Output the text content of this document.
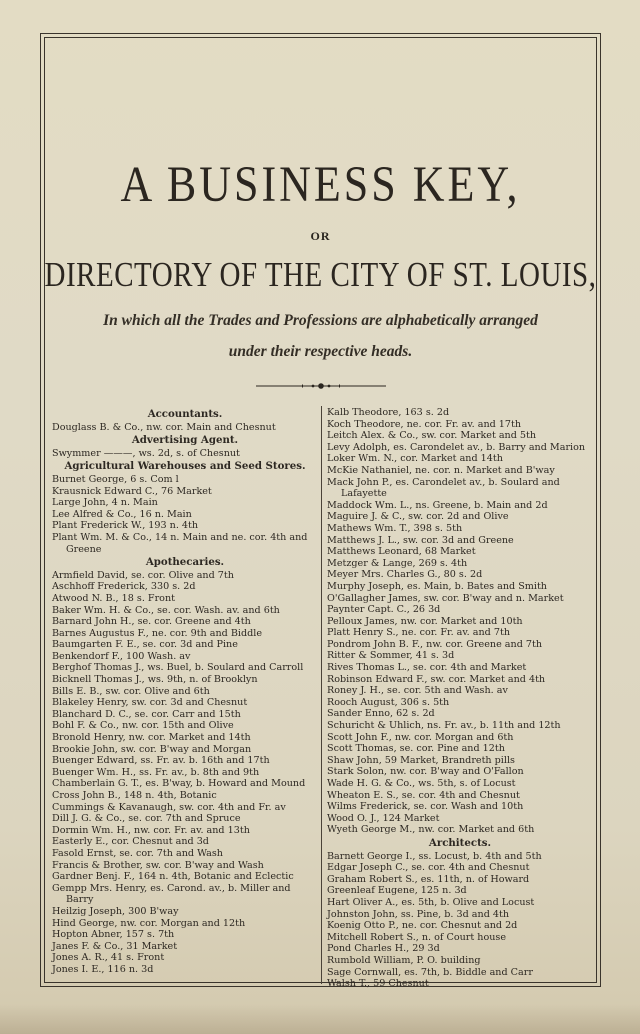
A BUSINESS KEY,
OR
DIRECTORY OF THE CITY OF ST. LOUIS,
In which all the Trades and Professions are alphabetically arranged
under their respective heads.
Accountants.
Douglass B. & Co., nw. cor. Main and Chesnut
Advertising Agent.
Swymmer ———, ws. 2d, s. of Chesnut
Agricultural Warehouses and Seed Stores.
Burnet George, 6 s. Com l
Krausnick Edward C., 76 Market
Large John, 4 n. Main
Lee Alfred & Co., 16 n. Main
Plant Frederick W., 193 n. 4th
Plant Wm. M. & Co., 14 n. Main and ne. cor. 4th and Greene
Apothecaries.
Armfield David, se. cor. Olive and 7th
Aschhoff Frederick, 330 s. 2d
Atwood N. B., 18 s. Front
Baker Wm. H. & Co., se. cor. Wash. av. and 6th
Barnard John H., se. cor. Greene and 4th
Barnes Augustus F., ne. cor. 9th and Biddle
Baumgarten F. E., se. cor. 3d and Pine
Benkendorf F., 100 Wash. av
Berghof Thomas J., ws. Buel, b. Soulard and Carroll
Bicknell Thomas J., ws. 9th, n. of Brooklyn
Bills E. B., sw. cor. Olive and 6th
Blakeley Henry, sw. cor. 3d and Chesnut
Blanchard D. C., se. cor. Carr and 15th
Bohl F. & Co., nw. cor. 15th and Olive
Bronold Henry, nw. cor. Market and 14th
Brookie John, sw. cor. B'way and Morgan
Buenger Edward, ss. Fr. av. b. 16th and 17th
Buenger Wm. H., ss. Fr. av., b. 8th and 9th
Chamberlain G. T., es. B'way, b. Howard and Mound
Cross John B., 148 n. 4th, Botanic
Cummings & Kavanaugh, sw. cor. 4th and Fr. av
Dill J. G. & Co., se. cor. 7th and Spruce
Dormin Wm. H., nw. cor. Fr. av. and 13th
Easterly E., cor. Chesnut and 3d
Fasold Ernst, se. cor. 7th and Wash
Francis & Brother, sw. cor. B'way and Wash
Gardner Benj. F., 164 n. 4th, Botanic and Eclectic
Gempp Mrs. Henry, es. Carond. av., b. Miller and Barry
Heilzig Joseph, 300 B'way
Hind George, nw. cor. Morgan and 12th
Hopton Abner, 157 s. 7th
Janes F. & Co., 31 Market
Jones A. R., 41 s. Front
Jones I. E., 116 n. 3d
Kalb Theodore, 163 s. 2d
Koch Theodore, ne. cor. Fr. av. and 17th
Leitch Alex. & Co., sw. cor. Market and 5th
Levy Adolph, es. Carondelet av., b. Barry and Marion
Loker Wm. N., cor. Market and 14th
McKie Nathaniel, ne. cor. n. Market and B'way
Mack John P., es. Carondelet av., b. Soulard and Lafayette
Maddock Wm. L., ns. Greene, b. Main and 2d
Maguire J. & C., sw. cor. 2d and Olive
Mathews Wm. T., 398 s. 5th
Matthews J. L., sw. cor. 3d and Greene
Matthews Leonard, 68 Market
Metzger & Lange, 269 s. 4th
Meyer Mrs. Charles G., 80 s. 2d
Murphy Joseph, es. Main, b. Bates and Smith
O'Gallagher James, sw. cor. B'way and n. Market
Paynter Capt. C., 26 3d
Pelloux James, nw. cor. Market and 10th
Platt Henry S., ne. cor. Fr. av. and 7th
Pondrom John B. F., nw. cor. Greene and 7th
Ritter & Sommer, 41 s. 3d
Rives Thomas L., se. cor. 4th and Market
Robinson Edward F., sw. cor. Market and 4th
Roney J. H., se. cor. 5th and Wash. av
Rooch August, 306 s. 5th
Sander Enno, 62 s. 2d
Schuricht & Uhlich, ns. Fr. av., b. 11th and 12th
Scott John F., nw. cor. Morgan and 6th
Scott Thomas, se. cor. Pine and 12th
Shaw John, 59 Market, Brandreth pills
Stark Solon, nw. cor. B'way and O'Fallon
Wade H. G. & Co., ws. 5th, s. of Locust
Wheaton E. S., se. cor. 4th and Chesnut
Wilms Frederick, se. cor. Wash and 10th
Wood O. J., 124 Market
Wyeth George M., nw. cor. Market and 6th
Architects.
Barnett George I., ss. Locust, b. 4th and 5th
Edgar Joseph C., se. cor. 4th and Chesnut
Graham Robert S., es. 11th, n. of Howard
Greenleaf Eugene, 125 n. 3d
Hart Oliver A., es. 5th, b. Olive and Locust
Johnston John, ss. Pine, b. 3d and 4th
Koenig Otto P., ne. cor. Chesnut and 2d
Mitchell Robert S., n. of Court house
Pond Charles H., 29 3d
Rumbold William, P. O. building
Sage Cornwall, es. 7th, b. Biddle and Carr
Walsh T., 59 Chesnut
